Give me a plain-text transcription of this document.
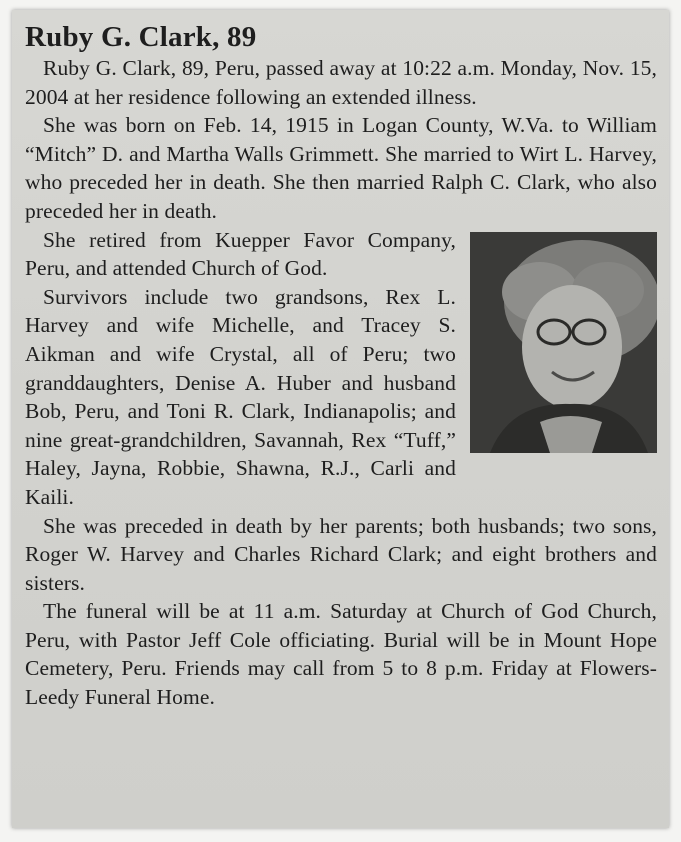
Ruby G. Clark, 89

Ruby G. Clark, 89, Peru, passed away at 10:22 a.m. Monday, Nov. 15, 2004 at her residence following an extended illness.

She was born on Feb. 14, 1915 in Logan County, W.Va. to William “Mitch” D. and Martha Walls Grimmett. She married to Wirt L. Harvey, who preceded her in death. She then married Ralph C. Clark, who also preceded her in death.

She retired from Kuepper Favor Company, Peru, and attended Church of God.

Survivors include two grandsons, Rex L. Harvey and wife Michelle, and Tracey S. Aikman and wife Crystal, all of Peru; two granddaughters, Denise A. Huber and husband Bob, Peru, and Toni R. Clark, Indianapolis; and nine great-grandchildren, Savannah, Rex “Tuff,” Haley, Jayna, Robbie, Shawna, R.J., Carli and Kaili.

She was preceded in death by her parents; both husbands; two sons, Roger W. Harvey and Charles Richard Clark; and eight brothers and sisters.

The funeral will be at 11 a.m. Saturday at Church of God Church, Peru, with Pastor Jeff Cole officiating. Burial will be in Mount Hope Cemetery, Peru. Friends may call from 5 to 8 p.m. Friday at Flowers-Leedy Funeral Home.
